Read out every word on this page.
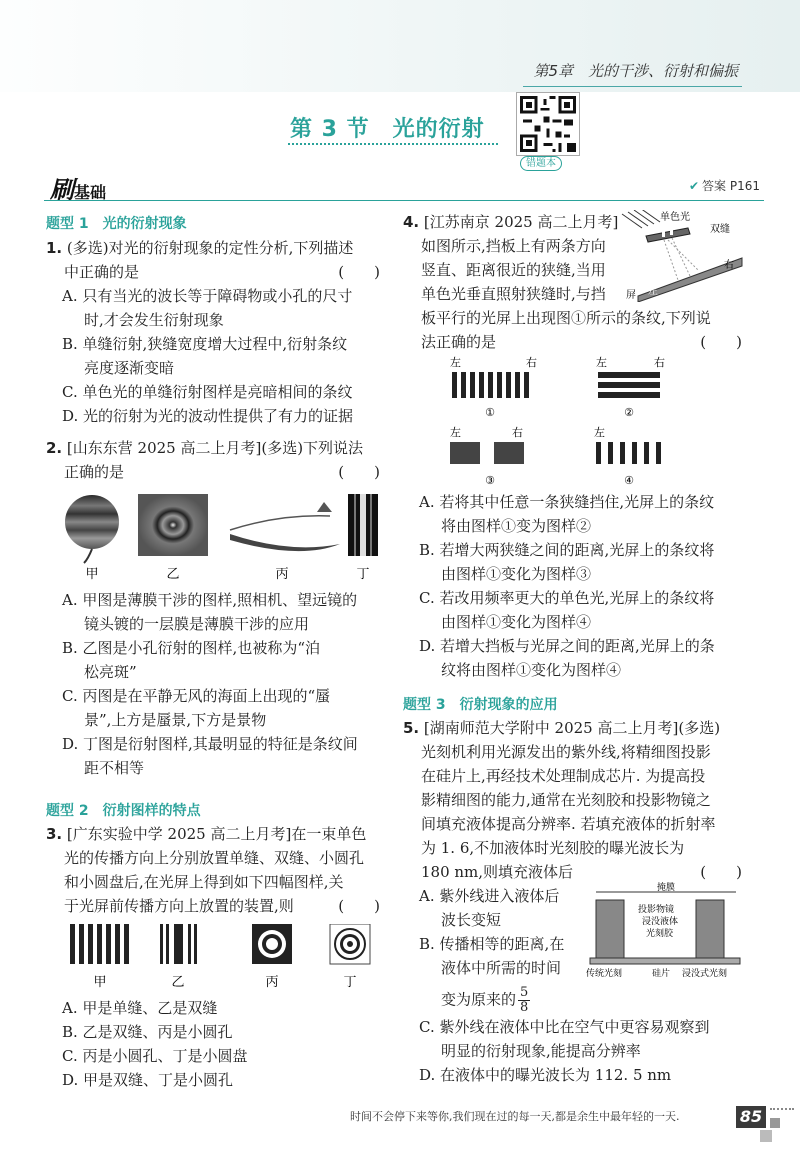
第5章　光的干涉、衍射和偏振
第 3 节　光的衍射
错题本
刷基础	✔ 答案 P161
题型 1　光的衍射现象
1. (多选)对光的衍射现象的定性分析,下列描述
中正确的是	(　　)
A. 只有当光的波长等于障碍物或小孔的尺寸
时,才会发生衍射现象
B. 单缝衍射,狭缝宽度增大过程中,衍射条纹
亮度逐渐变暗
C. 单色光的单缝衍射图样是亮暗相间的条纹
D. 光的衍射为光的波动性提供了有力的证据
2. [山东东营 2025 高二上月考](多选)下列说法
正确的是	(　　)
甲	乙	丙	丁
A. 甲图是薄膜干涉的图样,照相机、望远镜的
镜头镀的一层膜是薄膜干涉的应用
B. 乙图是小孔衍射的图样,也被称为“泊
松亮斑”
C. 丙图是在平静无风的海面上出现的“蜃
景”,上方是蜃景,下方是景物
D. 丁图是衍射图样,其最明显的特征是条纹间
距不相等
题型 2　衍射图样的特点
3. [广东实验中学 2025 高二上月考]在一束单色
光的传播方向上分别放置单缝、双缝、小圆孔
和小圆盘后,在光屏上得到如下四幅图样,关
于光屏前传播方向上放置的装置,则	(　　)
甲	乙	丙	丁
A. 甲是单缝、乙是双缝
B. 乙是双缝、丙是小圆孔
C. 丙是小圆孔、丁是小圆盘
D. 甲是双缝、丁是小圆孔
4. [江苏南京 2025 高二上月考]
如图所示,挡板上有两条方向
竖直、距离很近的狭缝,当用
单色光垂直照射狭缝时,与挡
板平行的光屏上出现图①所示的条纹,下列说
法正确的是	(　　)
单色光
双缝
屏 左
右
左	右
①
左	右
②
左	右
③
左
④
A. 若将其中任意一条狭缝挡住,光屏上的条纹
将由图样①变为图样②
B. 若增大两狭缝之间的距离,光屏上的条纹将
由图样①变化为图样③
C. 若改用频率更大的单色光,光屏上的条纹将
由图样①变化为图样④
D. 若增大挡板与光屏之间的距离,光屏上的条
纹将由图样①变化为图样④
题型 3　衍射现象的应用
5. [湖南师范大学附中 2025 高二上月考](多选)
光刻机利用光源发出的紫外线,将精细图投影
在硅片上,再经技术处理制成芯片. 为提高投
影精细图的能力,通常在光刻胶和投影物镜之
间填充液体提高分辨率. 若填充液体的折射率
为 1. 6,不加液体时光刻胶的曝光波长为
180 nm,则填充液体后	(　　)
掩膜
投影物镜
浸没液体
光刻胶
传统光刻	硅片 浸没式光刻
A. 紫外线进入液体后
波长变短
B. 传播相等的距离,在
液体中所需的时间
变为原来的 $\frac{5}{8}$
C. 紫外线在液体中比在空气中更容易观察到
明显的衍射现象,能提高分辨率
D. 在液体中的曝光波长为 112. 5 nm
时间不会停下来等你,我们现在过的每一天,都是余生中最年轻的一天.	85
